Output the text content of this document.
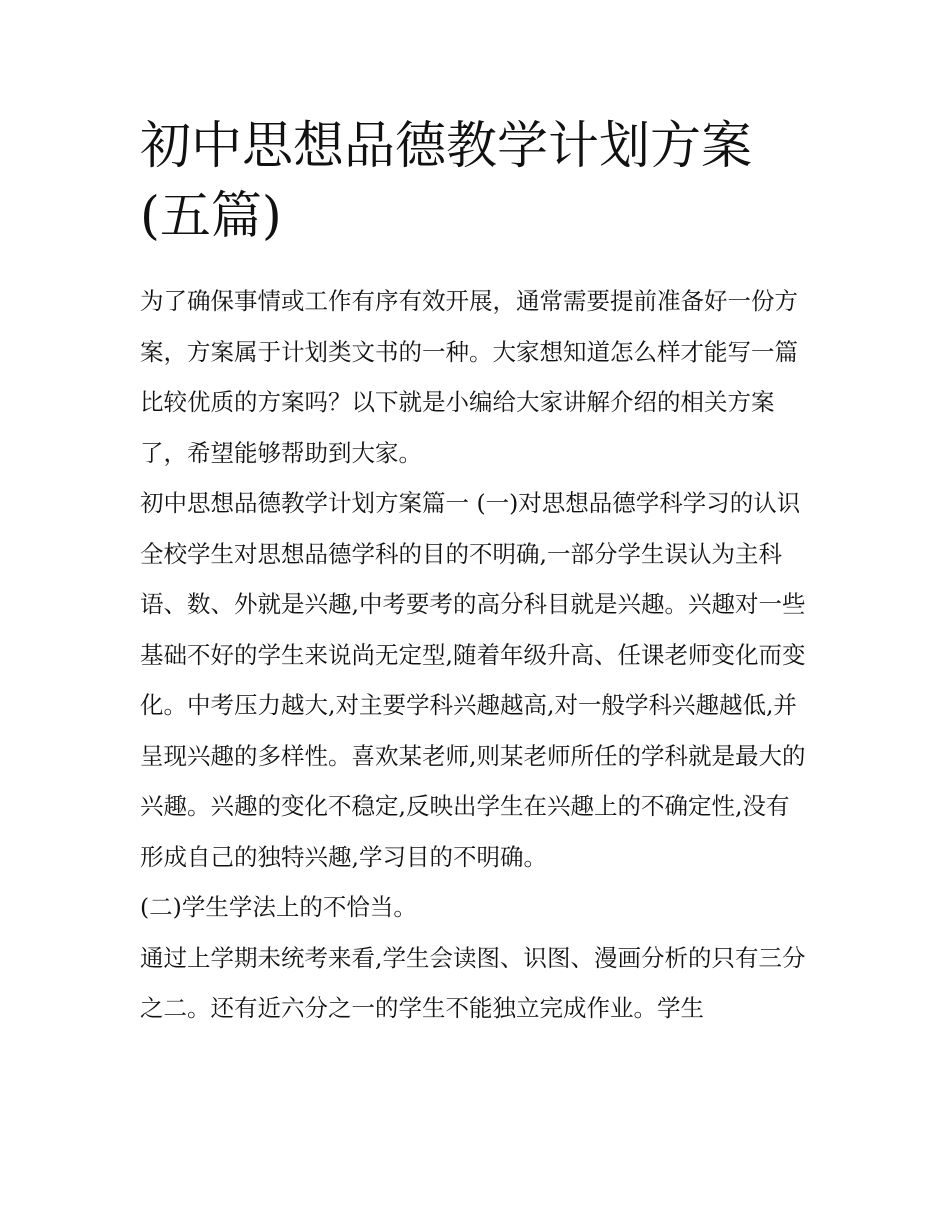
初中思想品德教学计划方案(五篇)

为了确保事情或工作有序有效开展，通常需要提前准备好一份方案，方案属于计划类文书的一种。大家想知道怎么样才能写一篇比较优质的方案吗？以下就是小编给大家讲解介绍的相关方案了，希望能够帮助到大家。

初中思想品德教学计划方案篇一 (一)对思想品德学科学习的认识

全校学生对思想品德学科的目的不明确,一部分学生误认为主科语、数、外就是兴趣,中考要考的高分科目就是兴趣。兴趣对一些基础不好的学生来说尚无定型,随着年级升高、任课老师变化而变化。中考压力越大,对主要学科兴趣越高,对一般学科兴趣越低,并呈现兴趣的多样性。喜欢某老师,则某老师所任的学科就是最大的兴趣。兴趣的变化不稳定,反映出学生在兴趣上的不确定性,没有形成自己的独特兴趣,学习目的不明确。

(二)学生学法上的不恰当。

通过上学期未统考来看,学生会读图、识图、漫画分析的只有三分之二。还有近六分之一的学生不能独立完成作业。学生
